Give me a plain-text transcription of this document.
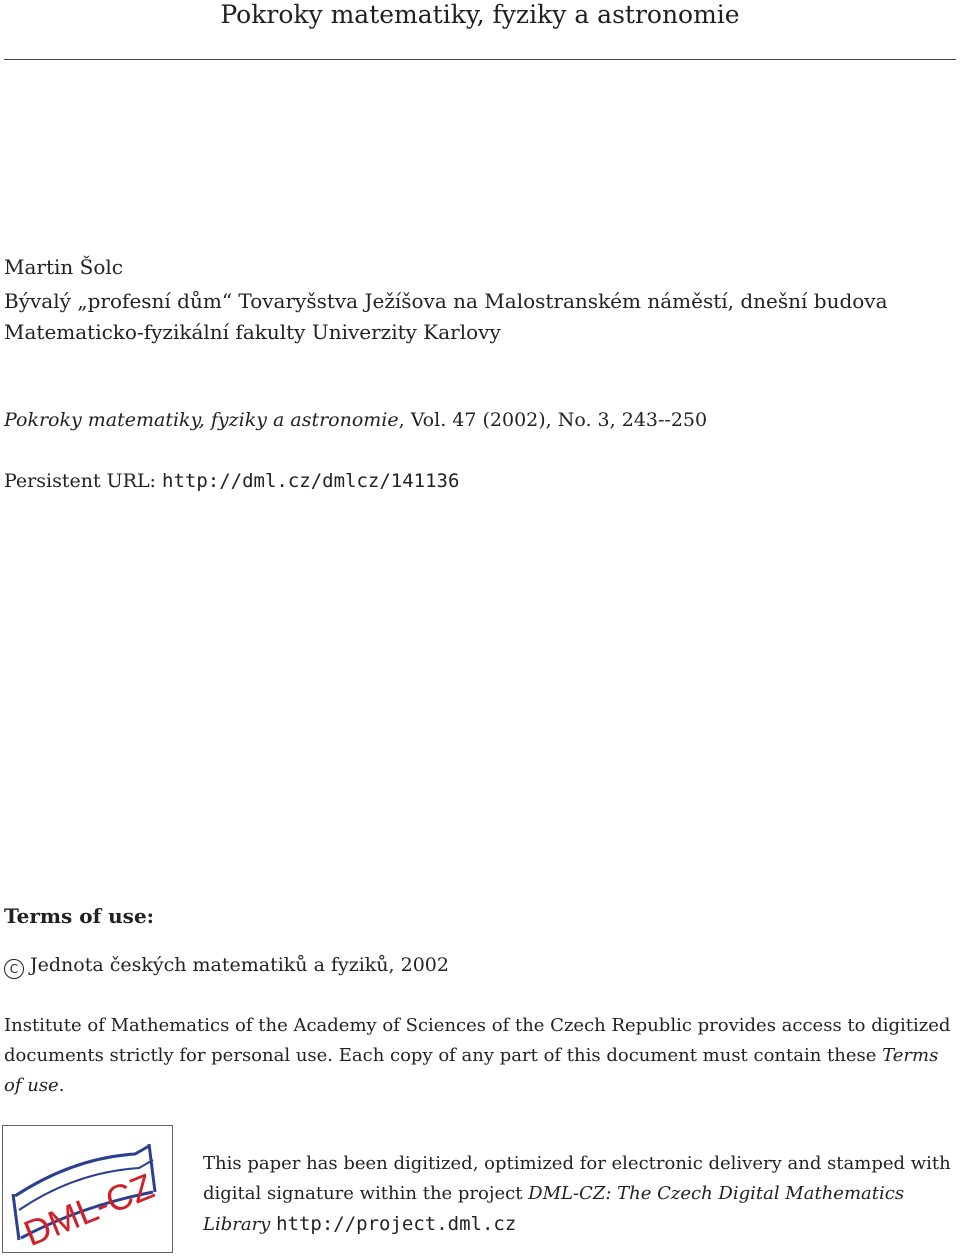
Pokroky matematiky, fyziky a astronomie
Martin Šolc
Bývalý „profesní dům“ Tovaryšstva Ježíšova na Malostranském náměstí, dnešní budova
Matematicko-fyzikální fakulty Univerzity Karlovy
Pokroky matematiky, fyziky a astronomie, Vol. 47 (2002), No. 3, 243--250
Persistent URL: http://dml.cz/dmlcz/141136
Terms of use:
C Jednota českých matematiků a fyziků, 2002
Institute of Mathematics of the Academy of Sciences of the Czech Republic provides access to digitized documents strictly for personal use. Each copy of any part of this document must contain these Terms of use.
DML-CZ
This paper has been digitized, optimized for electronic delivery and stamped with digital signature within the project DML-CZ: The Czech Digital Mathematics Library http://project.dml.cz
